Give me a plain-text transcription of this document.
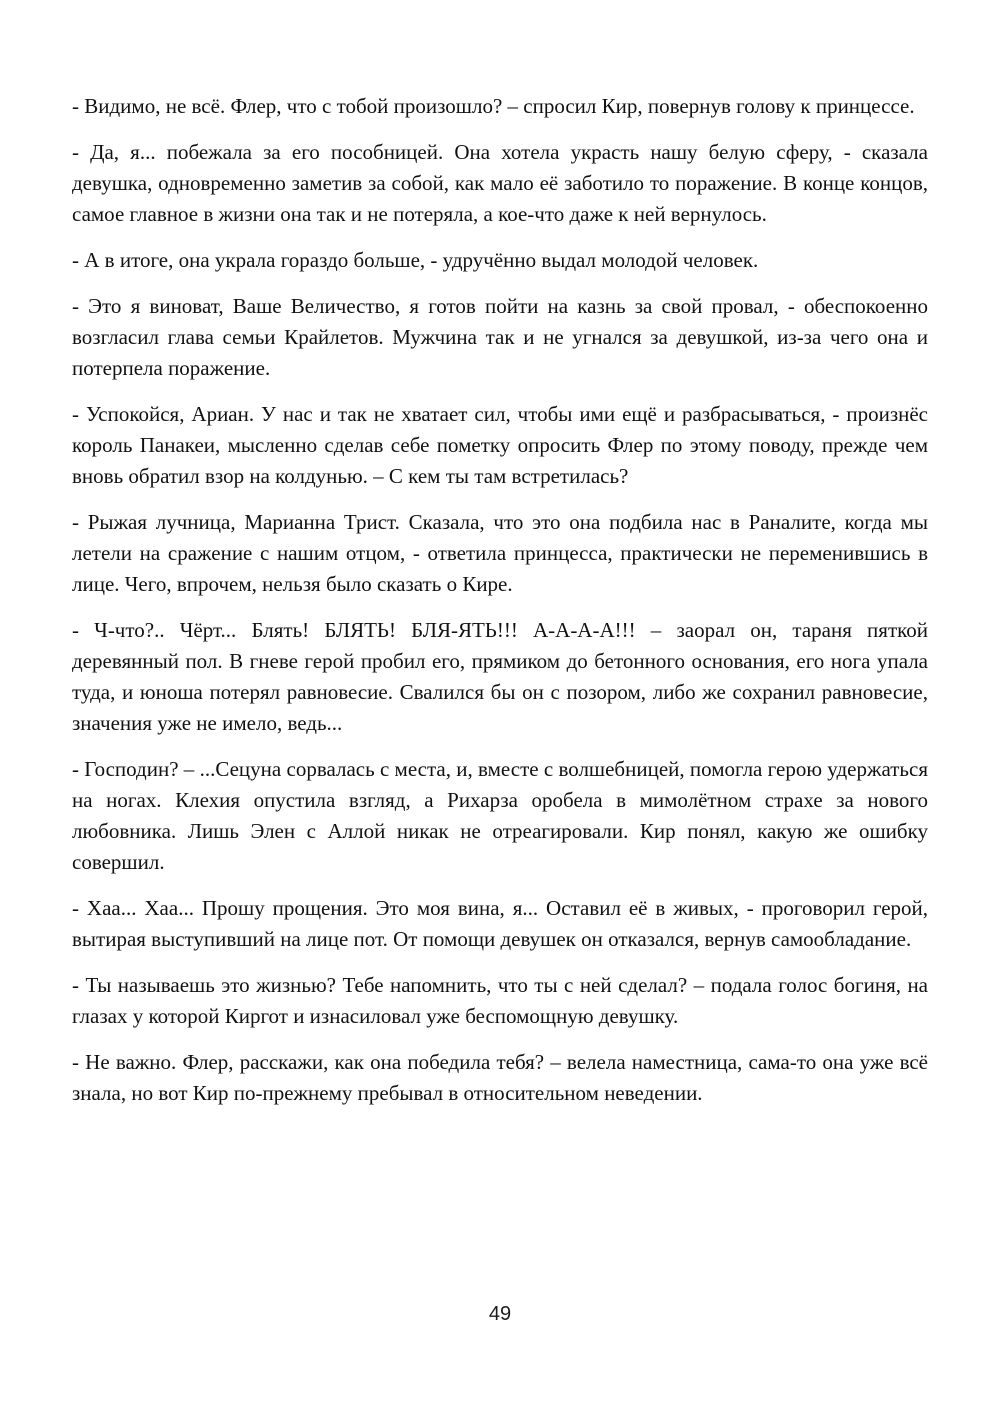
- Видимо, не всё. Флер, что с тобой произошло? – спросил Кир, повернув голову к принцессе.

- Да, я... побежала за его пособницей. Она хотела украсть нашу белую сферу, - сказала девушка, одновременно заметив за собой, как мало её заботило то поражение. В конце концов, самое главное в жизни она так и не потеряла, а кое-что даже к ней вернулось.

- А в итоге, она украла гораздо больше, - удручённо выдал молодой человек.

- Это я виноват, Ваше Величество, я готов пойти на казнь за свой провал, - обеспокоенно возгласил глава семьи Крайлетов. Мужчина так и не угнался за девушкой, из-за чего она и потерпела поражение.

- Успокойся, Ариан. У нас и так не хватает сил, чтобы ими ещё и разбрасываться, - произнёс король Панакеи, мысленно сделав себе пометку опросить Флер по этому поводу, прежде чем вновь обратил взор на колдунью. – С кем ты там встретилась?

- Рыжая лучница, Марианна Трист. Сказала, что это она подбила нас в Раналите, когда мы летели на сражение с нашим отцом, - ответила принцесса, практически не переменившись в лице. Чего, впрочем, нельзя было сказать о Кире.

- Ч-что?.. Чёрт... Блять! БЛЯТЬ! БЛЯ-ЯТЬ!!! А-А-А-А!!! – заорал он, тараня пяткой деревянный пол. В гневе герой пробил его, прямиком до бетонного основания, его нога упала туда, и юноша потерял равновесие. Свалился бы он с позором, либо же сохранил равновесие, значения уже не имело, ведь...

- Господин? – ...Сецуна сорвалась с места, и, вместе с волшебницей, помогла герою удержаться на ногах. Клехия опустила взгляд, а Рихарза оробела в мимолётном страхе за нового любовника. Лишь Элен с Аллой никак не отреагировали. Кир понял, какую же ошибку совершил.

- Хаа... Хаа... Прошу прощения. Это моя вина, я... Оставил её в живых, - проговорил герой, вытирая выступивший на лице пот. От помощи девушек он отказался, вернув самообладание.

- Ты называешь это жизнью? Тебе напомнить, что ты с ней сделал? – подала голос богиня, на глазах у которой Киргот и изнасиловал уже беспомощную девушку.

- Не важно. Флер, расскажи, как она победила тебя? – велела наместница, сама-то она уже всё знала, но вот Кир по-прежнему пребывал в относительном неведении.

49
